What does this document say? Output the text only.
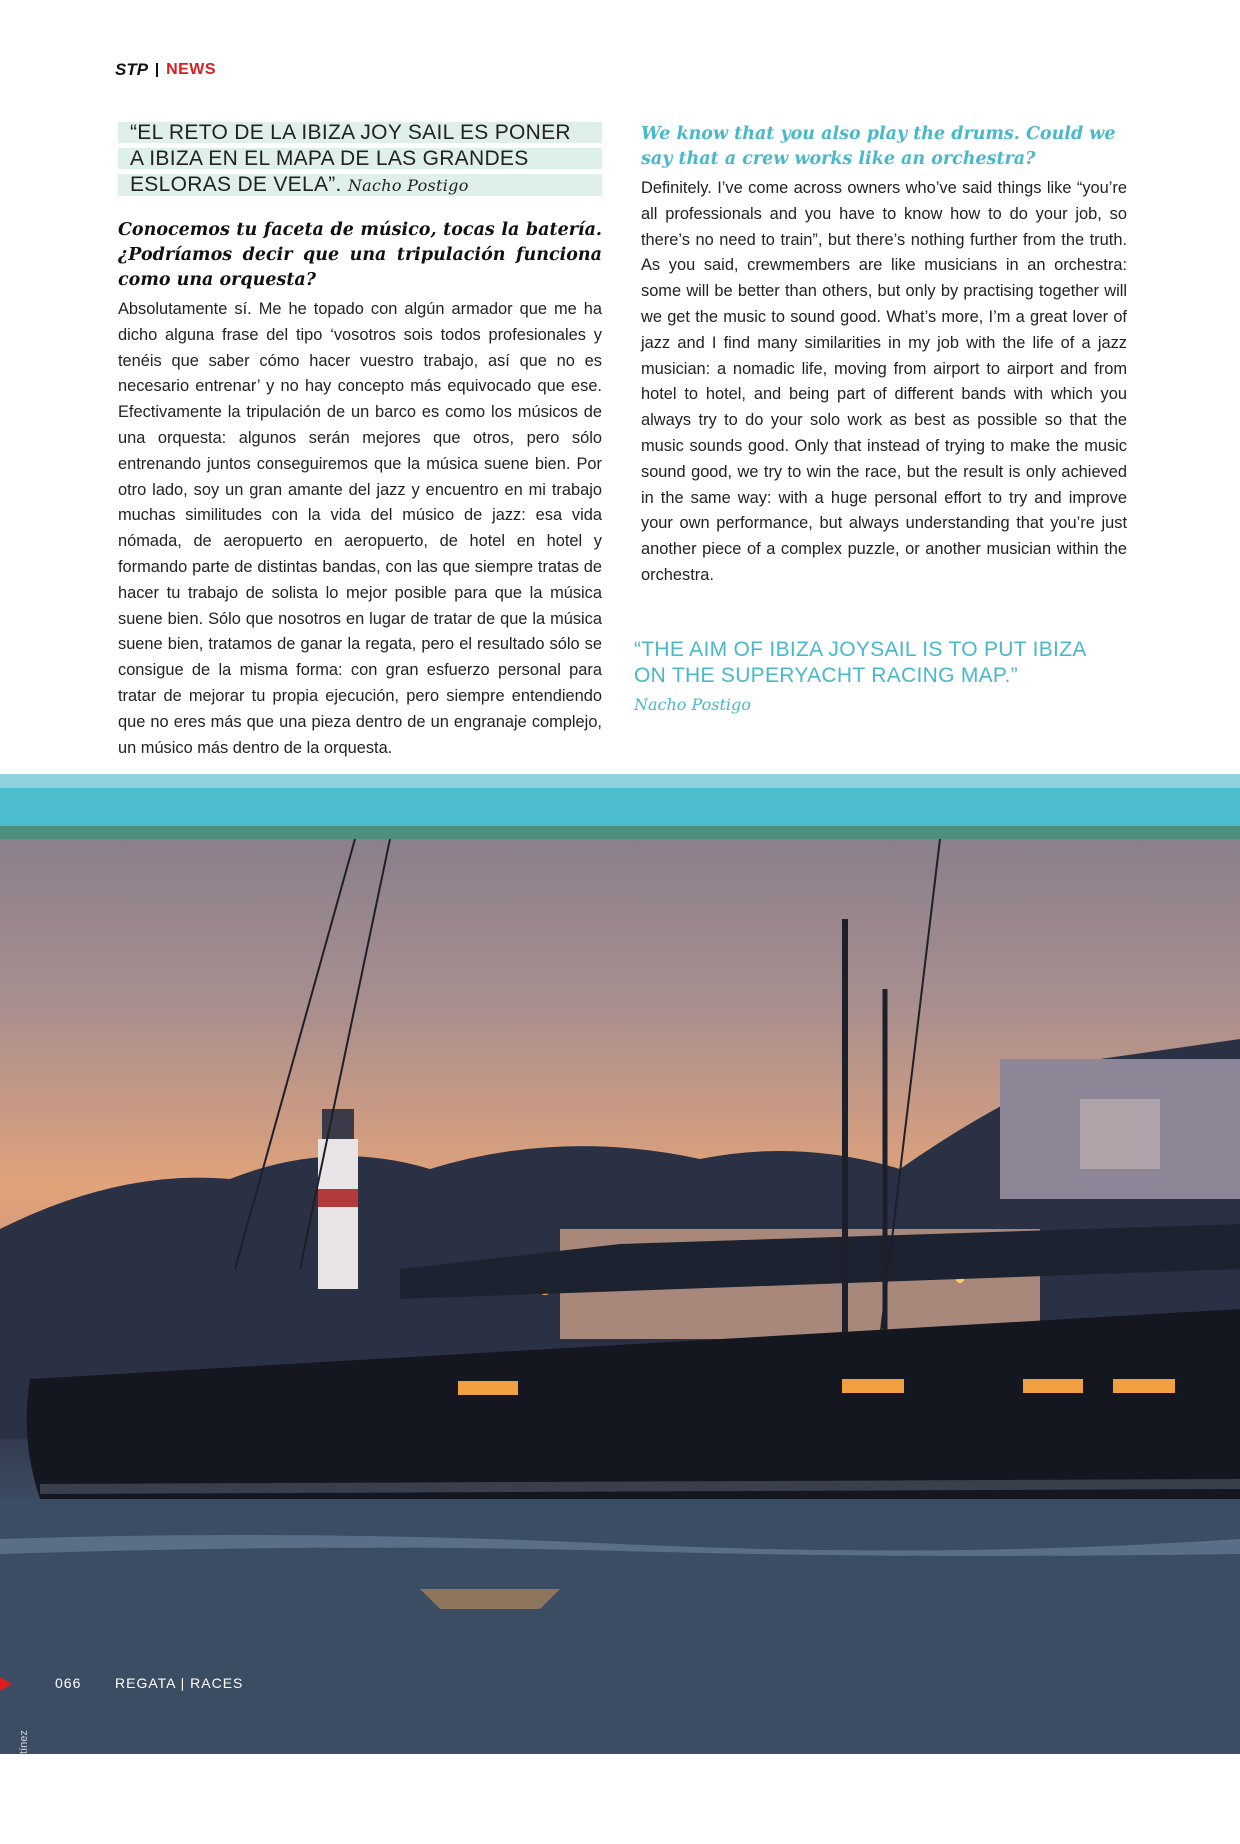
STP NEWS
“EL RETO DE LA IBIZA JOY SAIL ES PONER
A IBIZA EN EL MAPA DE LAS GRANDES
ESLORAS DE VELA”. Nacho Postigo

Conocemos tu faceta de músico, tocas la batería. ¿Podríamos decir que una tripulación funciona como una orquesta?

Absolutamente sí. Me he topado con algún armador que me ha dicho alguna frase del tipo ‘vosotros sois todos profesionales y tenéis que saber cómo hacer vuestro trabajo, así que no es necesario entrenar’ y no hay concepto más equivocado que ese. Efectivamente la tripulación de un barco es como los músicos de una orquesta: algunos serán mejores que otros, pero sólo entrenando juntos conseguiremos que la música suene bien. Por otro lado, soy un gran amante del jazz y encuentro en mi trabajo muchas similitudes con la vida del músico de jazz: esa vida nómada, de aeropuerto en aeropuerto, de hotel en hotel y formando parte de distintas bandas, con las que siempre tratas de hacer tu trabajo de solista lo mejor posible para que la música suene bien. Sólo que nosotros en lugar de tratar de que la música suene bien, tratamos de ganar la regata, pero el resultado sólo se consigue de la misma forma: con gran esfuerzo personal para tratar de mejorar tu propia ejecución, pero siempre entendiendo que no eres más que una pieza dentro de un engranaje complejo, un músico más dentro de la orquesta.

We know that you also play the drums. Could we say that a crew works like an orchestra?

Definitely. I’ve come across owners who’ve said things like “you’re all professionals and you have to know how to do your job, so there’s no need to train”, but there’s nothing further from the truth. As you said, crewmembers are like musicians in an orchestra: some will be better than others, but only by practising together will we get the music to sound good. What’s more, I’m a great lover of jazz and I find many similarities in my job with the life of a jazz musician: a nomadic life, moving from airport to airport and from hotel to hotel, and being part of different bands with which you always try to do your solo work as best as possible so that the music sounds good. Only that instead of trying to make the music sound good, we try to win the race, but the result is only achieved in the same way: with a huge personal effort to try and improve your own performance, but always understanding that you’re just another piece of a complex puzzle, or another musician within the orchestra.

“THE AIM OF IBIZA JOYSAIL IS TO PUT IBIZA
ON THE SUPERYACHT RACING MAP.”
Nacho Postigo
© Photo: Nico Martínez
066 REGATA | RACES
